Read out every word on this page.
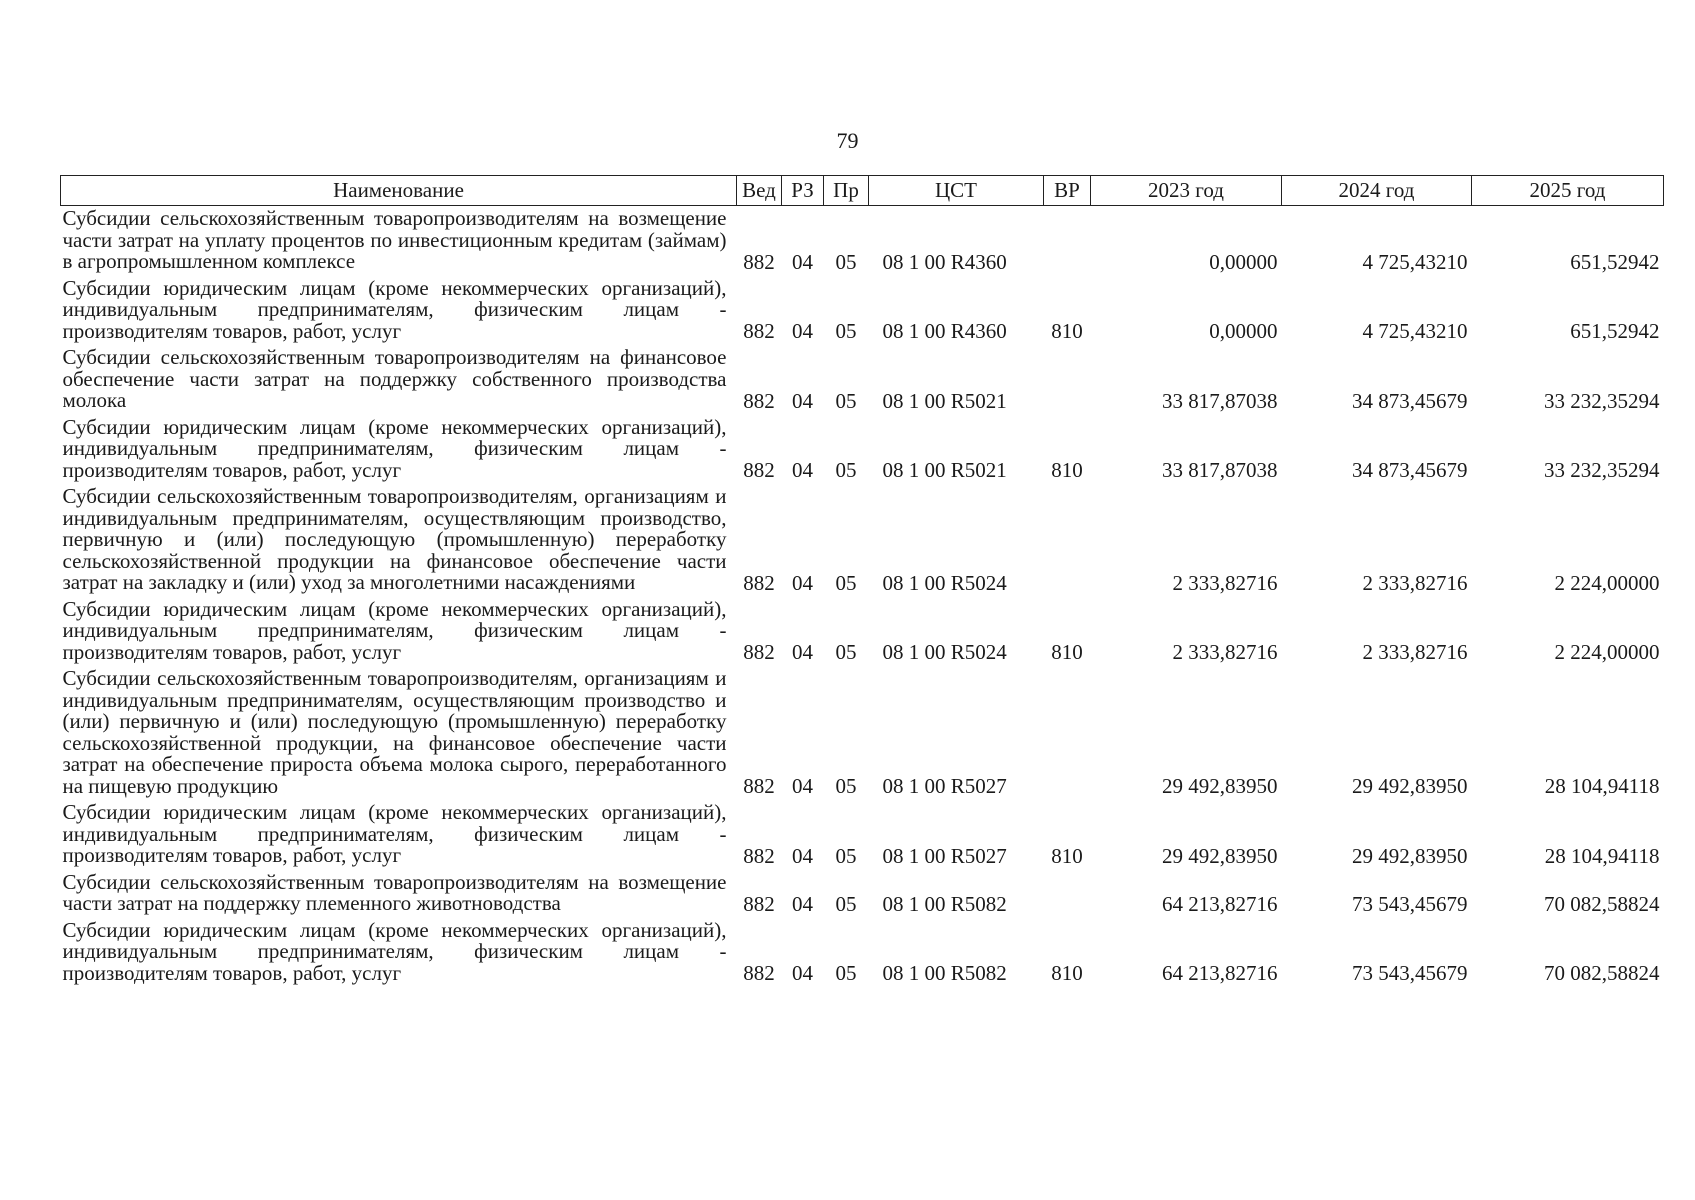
79
Наименование	Вед	РЗ	Пр	ЦСТ	ВР	2023 год	2024 год	2025 год
Субсидии сельскохозяйственным товаропроизводителям на возмещение части затрат на уплату процентов по инвестиционным кредитам (займам) в агропромышленном комплексе	882	04	05	08 1 00 R4360		0,00000	4 725,43210	651,52942
Субсидии юридическим лицам (кроме некоммерческих организаций), индивидуальным предпринимателям, физическим лицам - производителям товаров, работ, услуг	882	04	05	08 1 00 R4360	810	0,00000	4 725,43210	651,52942
Субсидии сельскохозяйственным товаропроизводителям на финансовое обеспечение части затрат на поддержку собственного производства молока	882	04	05	08 1 00 R5021		33 817,87038	34 873,45679	33 232,35294
Субсидии юридическим лицам (кроме некоммерческих организаций), индивидуальным предпринимателям, физическим лицам - производителям товаров, работ, услуг	882	04	05	08 1 00 R5021	810	33 817,87038	34 873,45679	33 232,35294
Субсидии сельскохозяйственным товаропроизводителям, организациям и индивидуальным предпринимателям, осуществляющим производство, первичную и (или) последующую (промышленную) переработку сельскохозяйственной продукции на финансовое обеспечение части затрат на закладку и (или) уход за многолетними насаждениями	882	04	05	08 1 00 R5024		2 333,82716	2 333,82716	2 224,00000
Субсидии юридическим лицам (кроме некоммерческих организаций), индивидуальным предпринимателям, физическим лицам - производителям товаров, работ, услуг	882	04	05	08 1 00 R5024	810	2 333,82716	2 333,82716	2 224,00000
Субсидии сельскохозяйственным товаропроизводителям, организациям и индивидуальным предпринимателям, осуществляющим производство и (или) первичную и (или) последующую (промышленную) переработку сельскохозяйственной продукции, на финансовое обеспечение части затрат на обеспечение прироста объема молока сырого, переработанного на пищевую продукцию	882	04	05	08 1 00 R5027		29 492,83950	29 492,83950	28 104,94118
Субсидии юридическим лицам (кроме некоммерческих организаций), индивидуальным предпринимателям, физическим лицам - производителям товаров, работ, услуг	882	04	05	08 1 00 R5027	810	29 492,83950	29 492,83950	28 104,94118
Субсидии сельскохозяйственным товаропроизводителям на возмещение части затрат на поддержку племенного животноводства	882	04	05	08 1 00 R5082		64 213,82716	73 543,45679	70 082,58824
Субсидии юридическим лицам (кроме некоммерческих организаций), индивидуальным предпринимателям, физическим лицам - производителям товаров, работ, услуг	882	04	05	08 1 00 R5082	810	64 213,82716	73 543,45679	70 082,58824
